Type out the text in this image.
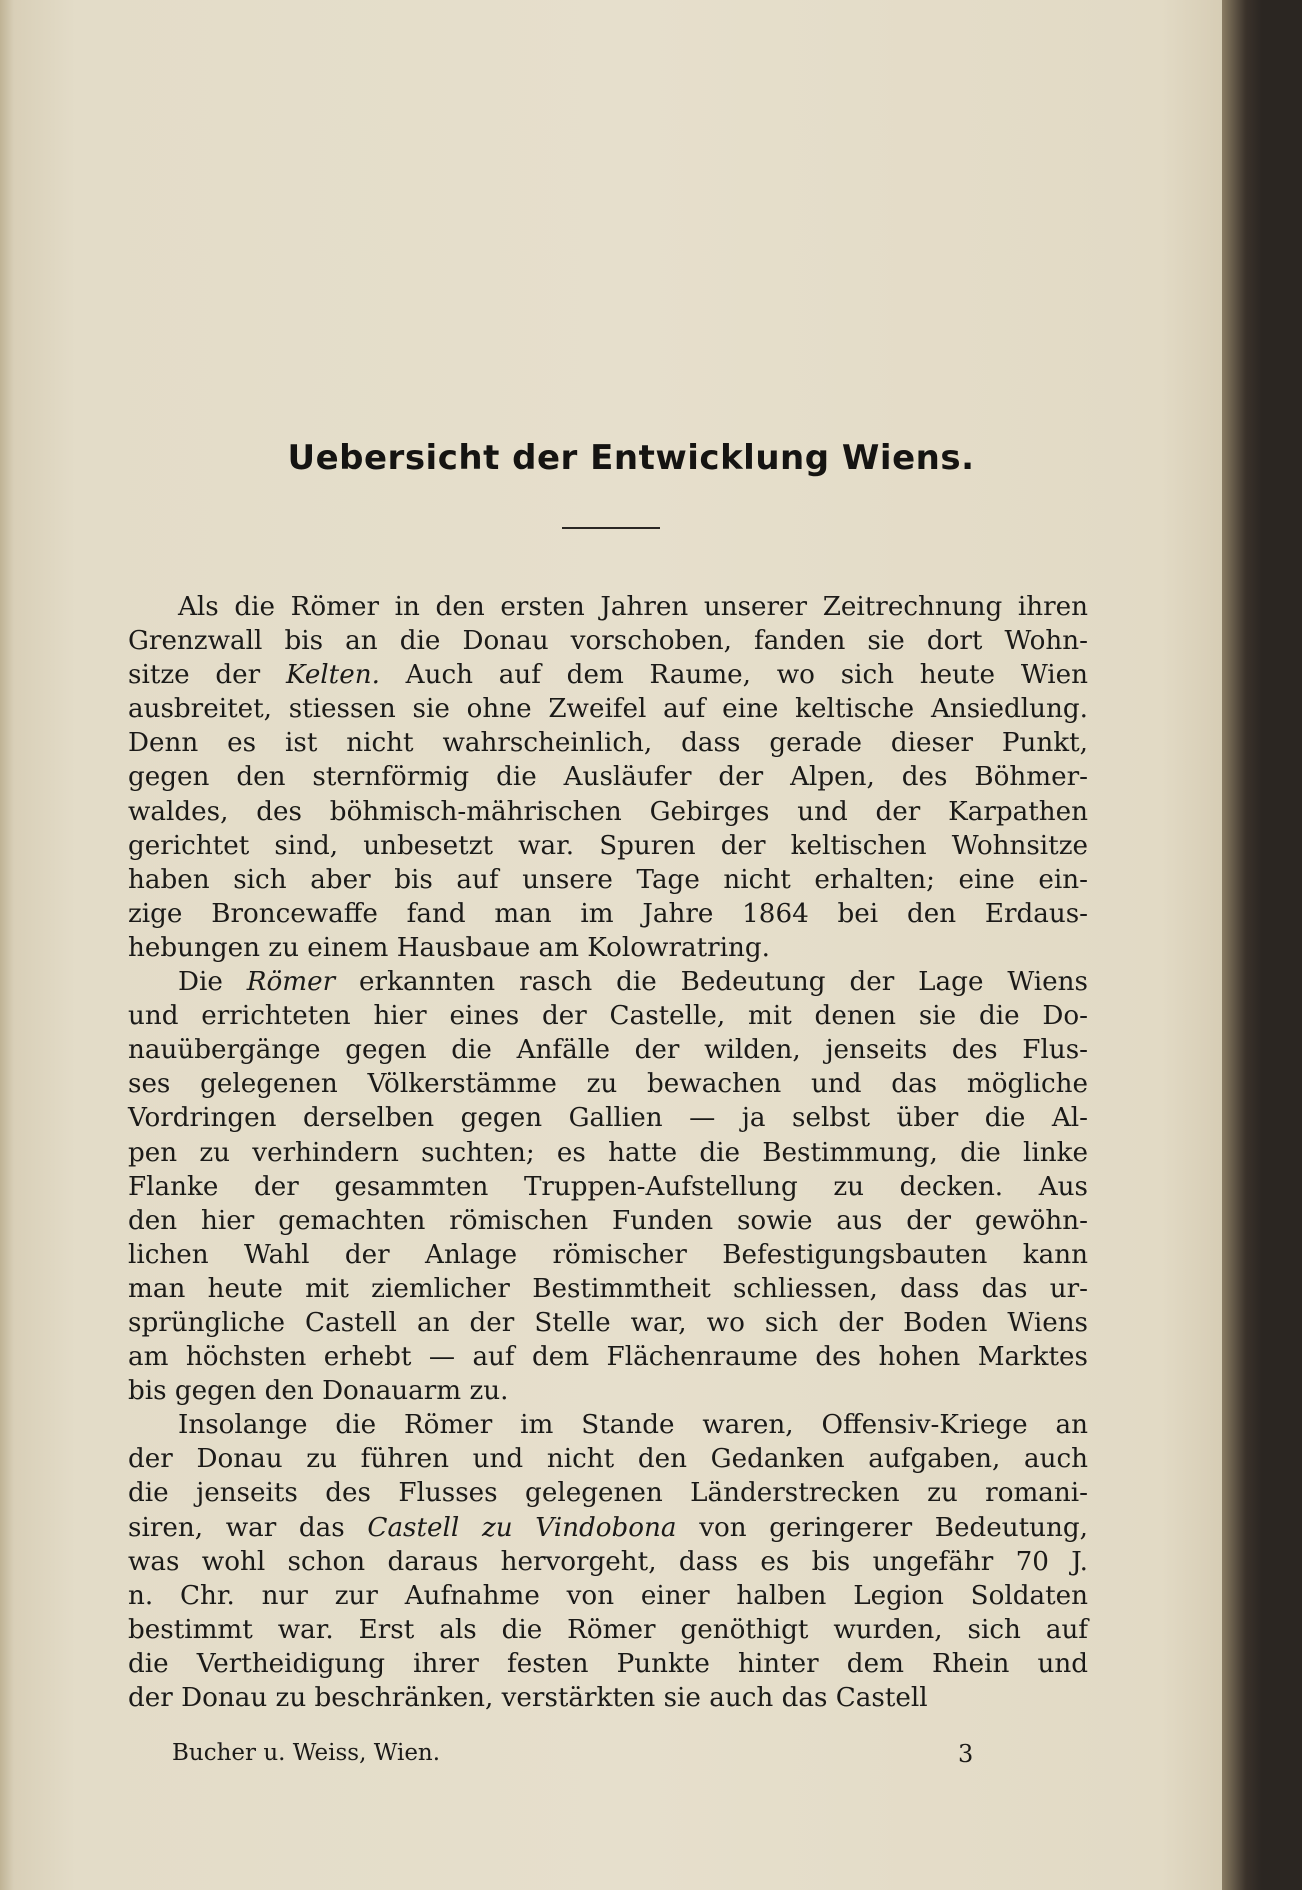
Uebersicht der Entwicklung Wiens.
Als die Römer in den ersten Jahren unserer Zeitrechnung ihren
Grenzwall bis an die Donau vorschoben, fanden sie dort Wohn-
sitze der Kelten. Auch auf dem Raume, wo sich heute Wien
ausbreitet, stiessen sie ohne Zweifel auf eine keltische Ansiedlung.
Denn es ist nicht wahrscheinlich, dass gerade dieser Punkt,
gegen den sternförmig die Ausläufer der Alpen, des Böhmer-
waldes, des böhmisch-mährischen Gebirges und der Karpathen
gerichtet sind, unbesetzt war. Spuren der keltischen Wohnsitze
haben sich aber bis auf unsere Tage nicht erhalten; eine ein-
zige Broncewaffe fand man im Jahre 1864 bei den Erdaus-
hebungen zu einem Hausbaue am Kolowratring.
Die Römer erkannten rasch die Bedeutung der Lage Wiens
und errichteten hier eines der Castelle, mit denen sie die Do-
nauübergänge gegen die Anfälle der wilden, jenseits des Flus-
ses gelegenen Völkerstämme zu bewachen und das mögliche
Vordringen derselben gegen Gallien — ja selbst über die Al-
pen zu verhindern suchten; es hatte die Bestimmung, die linke
Flanke der gesammten Truppen-Aufstellung zu decken. Aus
den hier gemachten römischen Funden sowie aus der gewöhn-
lichen Wahl der Anlage römischer Befestigungsbauten kann
man heute mit ziemlicher Bestimmtheit schliessen, dass das ur-
sprüngliche Castell an der Stelle war, wo sich der Boden Wiens
am höchsten erhebt — auf dem Flächenraume des hohen Marktes
bis gegen den Donauarm zu.
Insolange die Römer im Stande waren, Offensiv-Kriege an
der Donau zu führen und nicht den Gedanken aufgaben, auch
die jenseits des Flusses gelegenen Länderstrecken zu romani-
siren, war das Castell zu Vindobona von geringerer Bedeutung,
was wohl schon daraus hervorgeht, dass es bis ungefähr 70 J.
n. Chr. nur zur Aufnahme von einer halben Legion Soldaten
bestimmt war. Erst als die Römer genöthigt wurden, sich auf
die Vertheidigung ihrer festen Punkte hinter dem Rhein und
der Donau zu beschränken, verstärkten sie auch das Castell
Bucher u. Weiss, Wien.	3
